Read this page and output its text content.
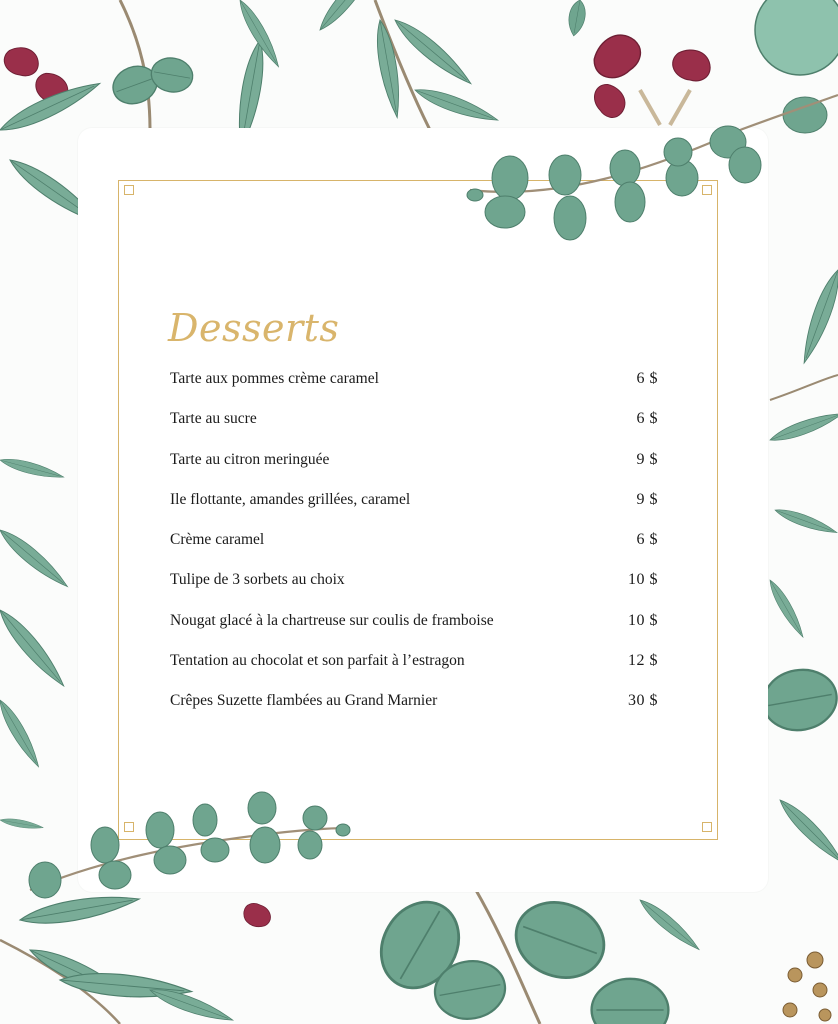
Desserts
Tarte aux pommes crème caramel	6 $
Tarte au sucre	6 $
Tarte au citron meringuée	9 $
Ile flottante, amandes grillées, caramel	9 $
Crème caramel	6 $
Tulipe de 3 sorbets au choix	10 $
Nougat glacé à la chartreuse sur coulis de framboise	10 $
Tentation au chocolat et son parfait à l’estragon	12 $
Crêpes Suzette flambées au Grand Marnier	30 $
